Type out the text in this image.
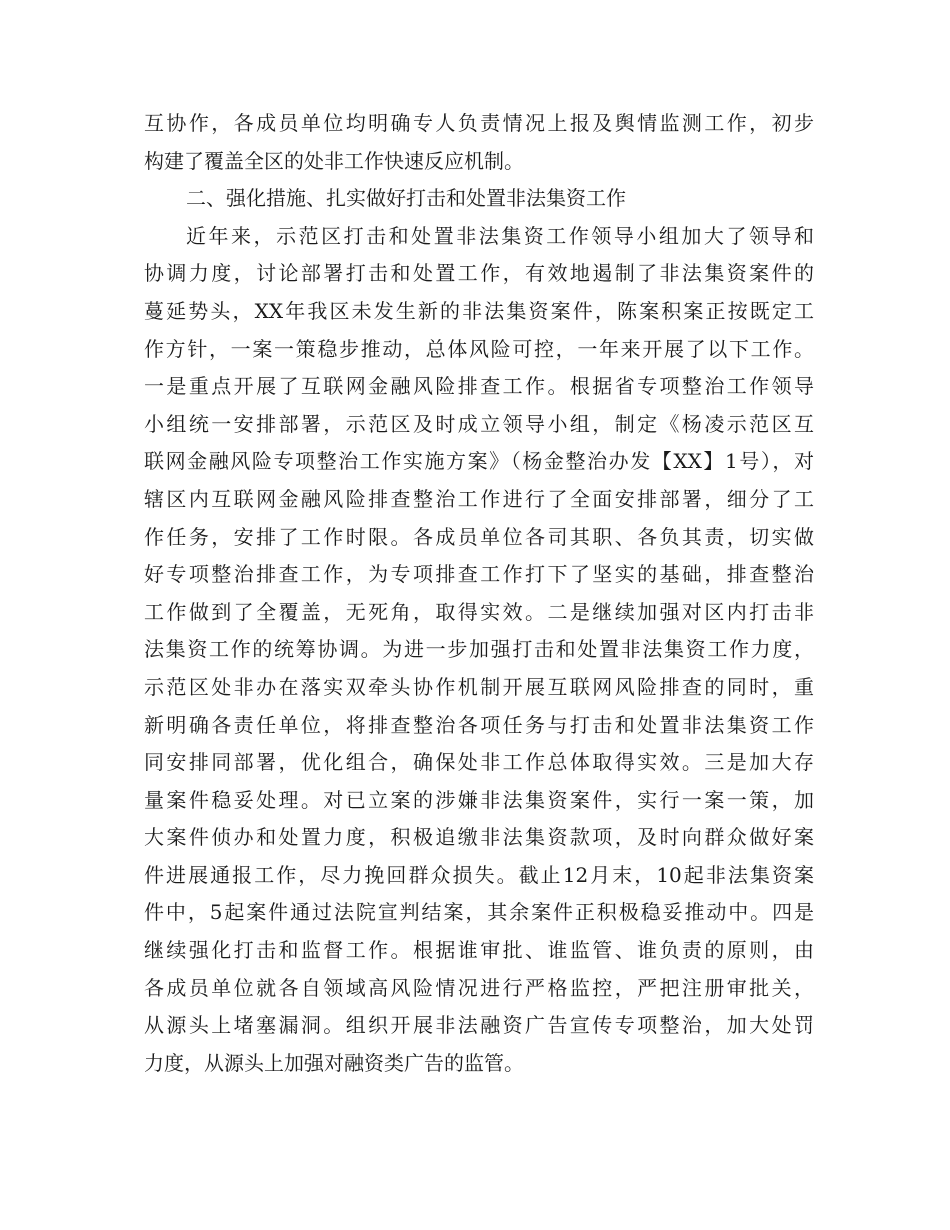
互协作，各成员单位均明确专人负责情况上报及舆情监测工作，初步
构建了覆盖全区的处非工作快速反应机制。
二、强化措施、扎实做好打击和处置非法集资工作
近年来，示范区打击和处置非法集资工作领导小组加大了领导和
协调力度，讨论部署打击和处置工作，有效地遏制了非法集资案件的
蔓延势头，XX年我区未发生新的非法集资案件，陈案积案正按既定工
作方针，一案一策稳步推动，总体风险可控，一年来开展了以下工作。
一是重点开展了互联网金融风险排查工作。根据省专项整治工作领导
小组统一安排部署，示范区及时成立领导小组，制定《杨凌示范区互
联网金融风险专项整治工作实施方案》（杨金整治办发【XX】1号），对
辖区内互联网金融风险排查整治工作进行了全面安排部署，细分了工
作任务，安排了工作时限。各成员单位各司其职、各负其责，切实做
好专项整治排查工作，为专项排查工作打下了坚实的基础，排查整治
工作做到了全覆盖，无死角，取得实效。二是继续加强对区内打击非
法集资工作的统筹协调。为进一步加强打击和处置非法集资工作力度，
示范区处非办在落实双牵头协作机制开展互联网风险排查的同时，重
新明确各责任单位，将排查整治各项任务与打击和处置非法集资工作
同安排同部署，优化组合，确保处非工作总体取得实效。三是加大存
量案件稳妥处理。对已立案的涉嫌非法集资案件，实行一案一策，加
大案件侦办和处置力度，积极追缴非法集资款项，及时向群众做好案
件进展通报工作，尽力挽回群众损失。截止12月末，10起非法集资案
件中，5起案件通过法院宣判结案，其余案件正积极稳妥推动中。四是
继续强化打击和监督工作。根据谁审批、谁监管、谁负责的原则，由
各成员单位就各自领域高风险情况进行严格监控，严把注册审批关，
从源头上堵塞漏洞。组织开展非法融资广告宣传专项整治，加大处罚
力度，从源头上加强对融资类广告的监管。
